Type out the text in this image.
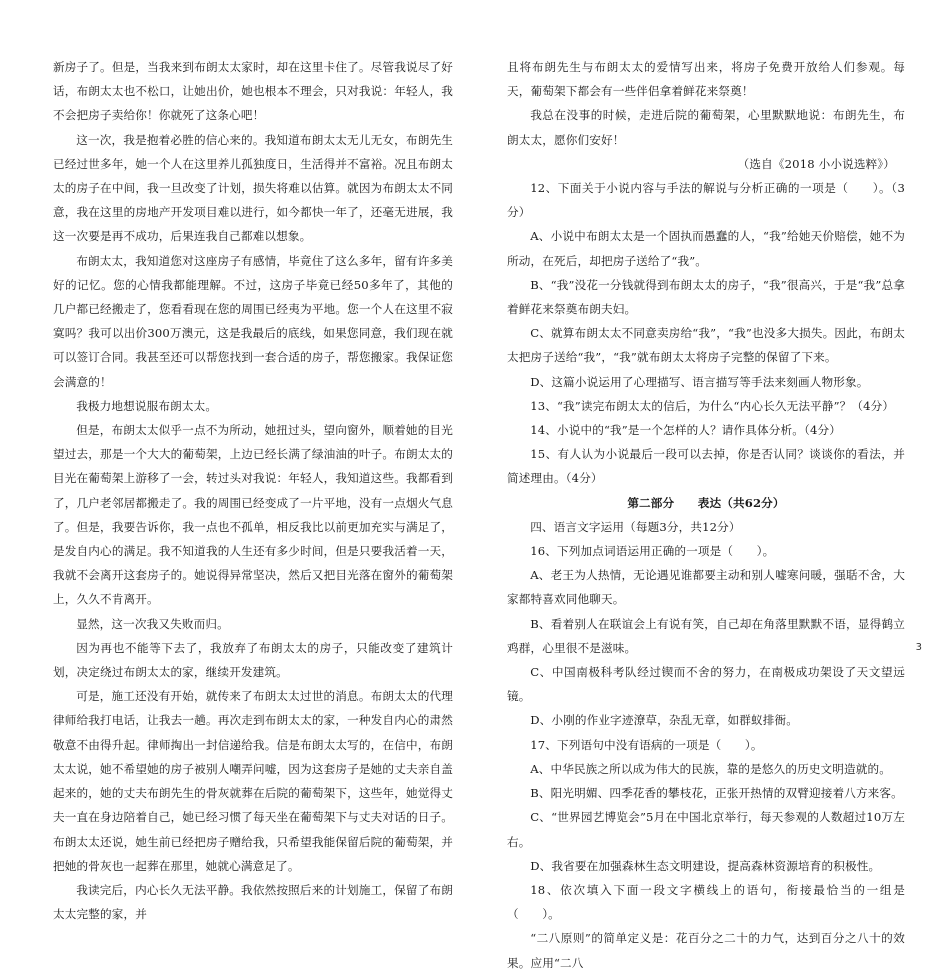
新房子了。但是，当我来到布朗太太家时，却在这里卡住了。尽管我说尽了好话，布朗太太也不松口，让她出价，她也根本不理会，只对我说：年轻人，我不会把房子卖给你！你就死了这条心吧！

这一次，我是抱着必胜的信心来的。我知道布朗太太无儿无女，布朗先生已经过世多年，她一个人在这里养儿孤独度日，生活得并不富裕。况且布朗太太的房子在中间，我一旦改变了计划，损失将难以估算。就因为布朗太太不同意，我在这里的房地产开发项目难以进行，如今都快一年了，还毫无进展，我这一次要是再不成功，后果连我自己都难以想象。

布朗太太，我知道您对这座房子有感情，毕竟住了这么多年，留有许多美好的记忆。您的心情我都能理解。不过，这房子毕竟已经50多年了，其他的几户都已经搬走了，您看看现在您的周围已经夷为平地。您一个人在这里不寂寞吗？我可以出价300万澳元，这是我最后的底线，如果您同意，我们现在就可以签订合同。我甚至还可以帮您找到一套合适的房子，帮您搬家。我保证您会满意的！

我极力地想说服布朗太太。

但是，布朗太太似乎一点不为所动，她扭过头，望向窗外，顺着她的目光望过去，那是一个大大的葡萄架，上边已经长满了绿油油的叶子。布朗太太的目光在葡萄架上游移了一会，转过头对我说：年轻人，我知道这些。我都看到了，几户老邻居都搬走了。我的周围已经变成了一片平地，没有一点烟火气息了。但是，我要告诉你，我一点也不孤单，相反我比以前更加充实与满足了，是发自内心的满足。我不知道我的人生还有多少时间，但是只要我活着一天，我就不会离开这套房子的。她说得异常坚决，然后又把目光落在窗外的葡萄架上，久久不肯离开。

显然，这一次我又失败而归。

因为再也不能等下去了，我放弃了布朗太太的房子，只能改变了建筑计划，决定绕过布朗太太的家，继续开发建筑。

可是，施工还没有开始，就传来了布朗太太过世的消息。布朗太太的代理律师给我打电话，让我去一趟。再次走到布朗太太的家，一种发自内心的肃然敬意不由得升起。律师掏出一封信递给我。信是布朗太太写的，在信中，布朗太太说，她不希望她的房子被别人嘲弄问嘘，因为这套房子是她的丈夫亲自盖起来的，她的丈夫布朗先生的骨灰就葬在后院的葡萄架下，这些年，她觉得丈夫一直在身边陪着自己，她已经习惯了每天坐在葡萄架下与丈夫对话的日子。布朗太太还说，她生前已经把房子赠给我，只希望我能保留后院的葡萄架，并把她的骨灰也一起葬在那里，她就心满意足了。

我读完后，内心长久无法平静。我依然按照后来的计划施工，保留了布朗太太完整的家，并

且将布朗先生与布朗太太的爱情写出来，将房子免费开放给人们参观。每天，葡萄架下都会有一些伴侣拿着鲜花来祭奠！

我总在没事的时候，走进后院的葡萄架，心里默默地说：布朗先生，布朗太太，愿你们安好！

（选自《2018 小小说选粹》）

12、下面关于小说内容与手法的解说与分析正确的一项是（　　）。（3分）

A、小说中布朗太太是一个固执而愚蠢的人，“我”给她天价赔偿，她不为所动，在死后，却把房子送给了“我”。

B、“我”没花一分钱就得到布朗太太的房子，“我”很高兴，于是“我”总拿着鲜花来祭奠布朗夫妇。

C、就算布朗太太不同意卖房给“我”，“我”也没多大损失。因此，布朗太太把房子送给“我”，“我”就布朗太太将房子完整的保留了下来。

D、这篇小说运用了心理描写、语言描写等手法来刻画人物形象。

13、“我”读完布朗太太的信后，为什么“内心长久无法平静”？（4分）

14、小说中的“我”是一个怎样的人？请作具体分析。（4分）

15、有人认为小说最后一段可以去掉，你是否认同？谈谈你的看法，并简述理由。（4分）

第二部分　　表达（共62分）

四、语言文字运用（每题3分，共12分）

16、下列加点词语运用正确的一项是（　　）。

A、老王为人热情，无论遇见谁都要主动和别人嘘寒问暖，强聒不舍，大家都特喜欢同他聊天。

B、看着别人在联谊会上有说有笑，自己却在角落里默默不语，显得鹤立鸡群，心里很不是滋味。

C、中国南极科考队经过锲而不舍的努力，在南极成功架设了天文望远镜。

D、小刚的作业字迹潦草，杂乱无章，如群蚁排衙。

17、下列语句中没有语病的一项是（　　）。

A、中华民族之所以成为伟大的民族，靠的是悠久的历史文明造就的。

B、阳光明媚、四季花香的攀枝花，正张开热情的双臂迎接着八方来客。

C、“世界园艺博览会”5月在中国北京举行，每天参观的人数超过10万左右。

D、我省要在加强森林生态文明建设，提高森林资源培育的积极性。

18、依次填入下面一段文字横线上的语句，衔接最恰当的一组是（　　）。

“二八原则”的简单定义是：花百分之二十的力气，达到百分之八十的效果。应用“二八

3
